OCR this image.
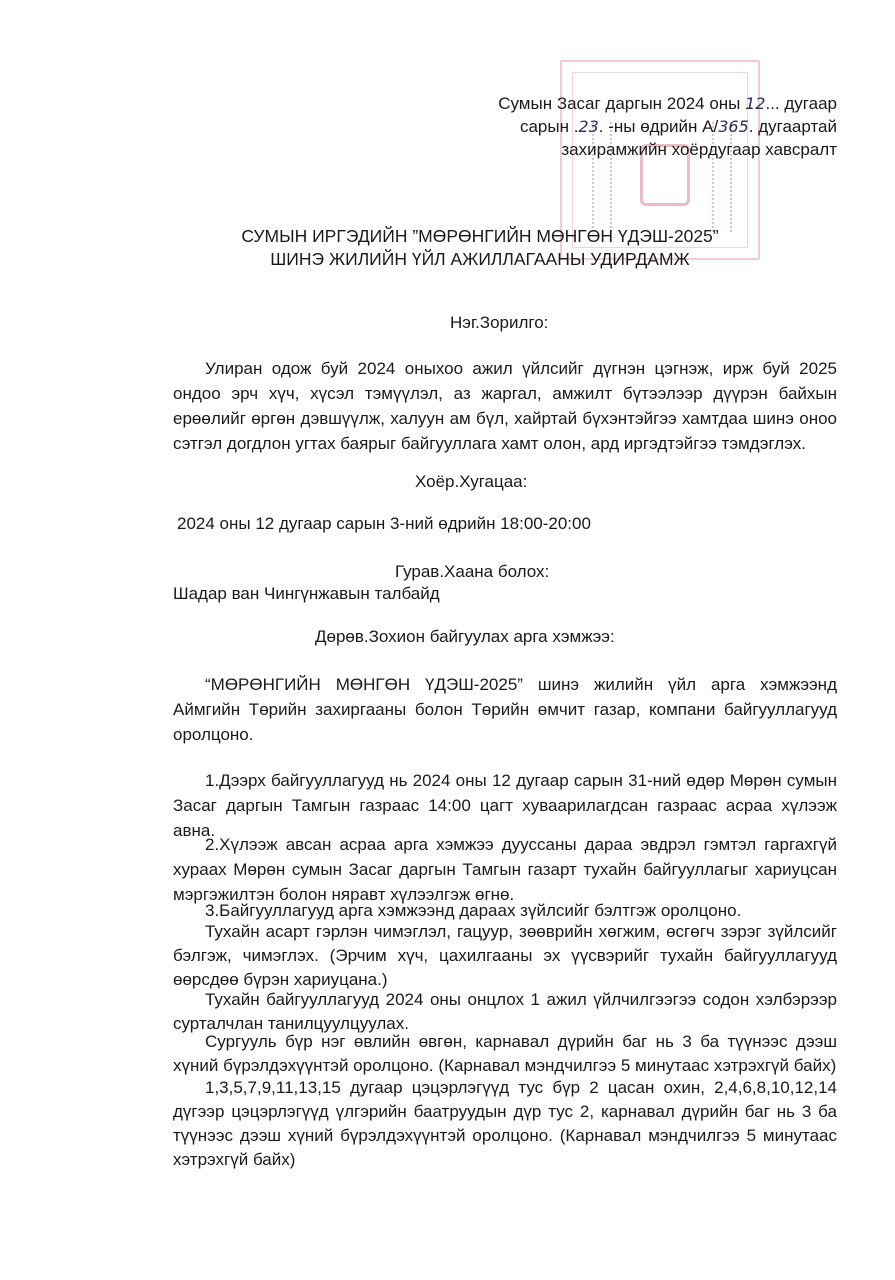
Сумын Засаг даргын 2024 оны 12... дугаар
сарын .23. -ны өдрийн А/365. дугаартай
захирамжийн хоёрдугаар хавсралт
СУМЫН ИРГЭДИЙН ”МӨРӨНГИЙН МӨНГӨН ҮДЭШ-2025”
ШИНЭ ЖИЛИЙН ҮЙЛ АЖИЛЛАГААНЫ УДИРДАМЖ
Нэг.Зорилго:
Улиран одож буй 2024 оныхоо ажил үйлсийг дүгнэн цэгнэж, ирж буй 2025 ондоо эрч хүч, хүсэл тэмүүлэл, аз жаргал, амжилт бүтээлээр дүүрэн байхын ерөөлийг өргөн дэвшүүлж, халуун ам бүл, хайртай бүхэнтэйгээ хамтдаа шинэ оноо сэтгэл догдлон угтах баярыг байгууллага хамт олон, ард иргэдтэйгээ тэмдэглэх.
Хоёр.Хугацаа:
2024 оны 12 дугаар сарын 3-ний өдрийн 18:00-20:00
Гурав.Хаана болох:
Шадар ван Чингүнжавын талбайд
Дөрөв.Зохион байгуулах арга хэмжээ:
“МӨРӨНГИЙН МӨНГӨН ҮДЭШ-2025” шинэ жилийн үйл арга хэмжээнд Аймгийн Төрийн захиргааны болон Төрийн өмчит газар, компани байгууллагууд оролцоно.
1.Дээрх байгууллагууд нь 2024 оны 12 дугаар сарын 31-ний өдөр Мөрөн сумын Засаг даргын Тамгын газраас 14:00 цагт хуваарилагдсан газраас асраа хүлээж авна.
2.Хүлээж авсан асраа арга хэмжээ дууссаны дараа эвдрэл гэмтэл гаргахгүй хураах Мөрөн сумын Засаг даргын Тамгын газарт тухайн байгууллагыг хариуцсан мэргэжилтэн болон няравт хүлээлгэж өгнө.
3.Байгууллагууд арга хэмжээнд дараах зүйлсийг бэлтгэж оролцоно.
Тухайн асарт гэрлэн чимэглэл, гацуур, зөөврийн хөгжим, өсгөгч зэрэг зүйлсийг бэлгэж, чимэглэх. (Эрчим хүч, цахилгааны эх үүсвэрийг тухайн байгууллагууд өөрсдөө бүрэн хариуцана.)
Тухайн байгууллагууд 2024 оны онцлох 1 ажил үйлчилгээгээ содон хэлбэрээр сурталчлан танилцуулцуулах.
Сургууль бүр нэг өвлийн өвгөн, карнавал дүрийн баг нь 3 ба түүнээс дээш хүний бүрэлдэхүүнтэй оролцоно. (Карнавал мэндчилгээ 5 минутаас хэтрэхгүй байх)
1,3,5,7,9,11,13,15 дугаар цэцэрлэгүүд тус бүр 2 цасан охин, 2,4,6,8,10,12,14 дүгээр цэцэрлэгүүд үлгэрийн баатруудын дүр тус 2, карнавал дүрийн баг нь 3 ба түүнээс дээш хүний бүрэлдэхүүнтэй оролцоно. (Карнавал мэндчилгээ 5 минутаас хэтрэхгүй байх)
